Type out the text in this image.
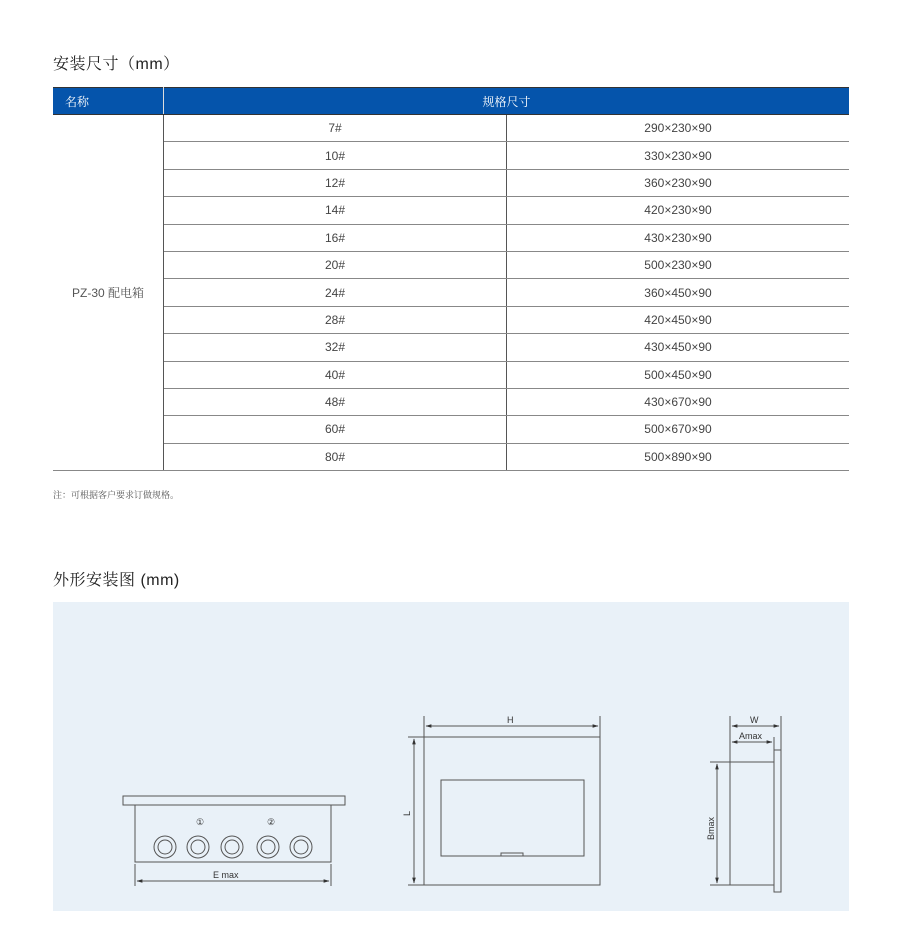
安装尺寸（mm）
名称	规格尺寸	
PZ-30 配电箱	7#	290×230×90
	10#	330×230×90
	12#	360×230×90
	14#	420×230×90
	16#	430×230×90
	20#	500×230×90
	24#	360×450×90
	28#	420×450×90
	32#	430×450×90
	40#	500×450×90
	48#	430×670×90
	60#	500×670×90
	80#	500×890×90
注：可根据客户要求订做规格。
外形安装图 (mm)
①	②
E max
H
L
W
Amax
Bmax
